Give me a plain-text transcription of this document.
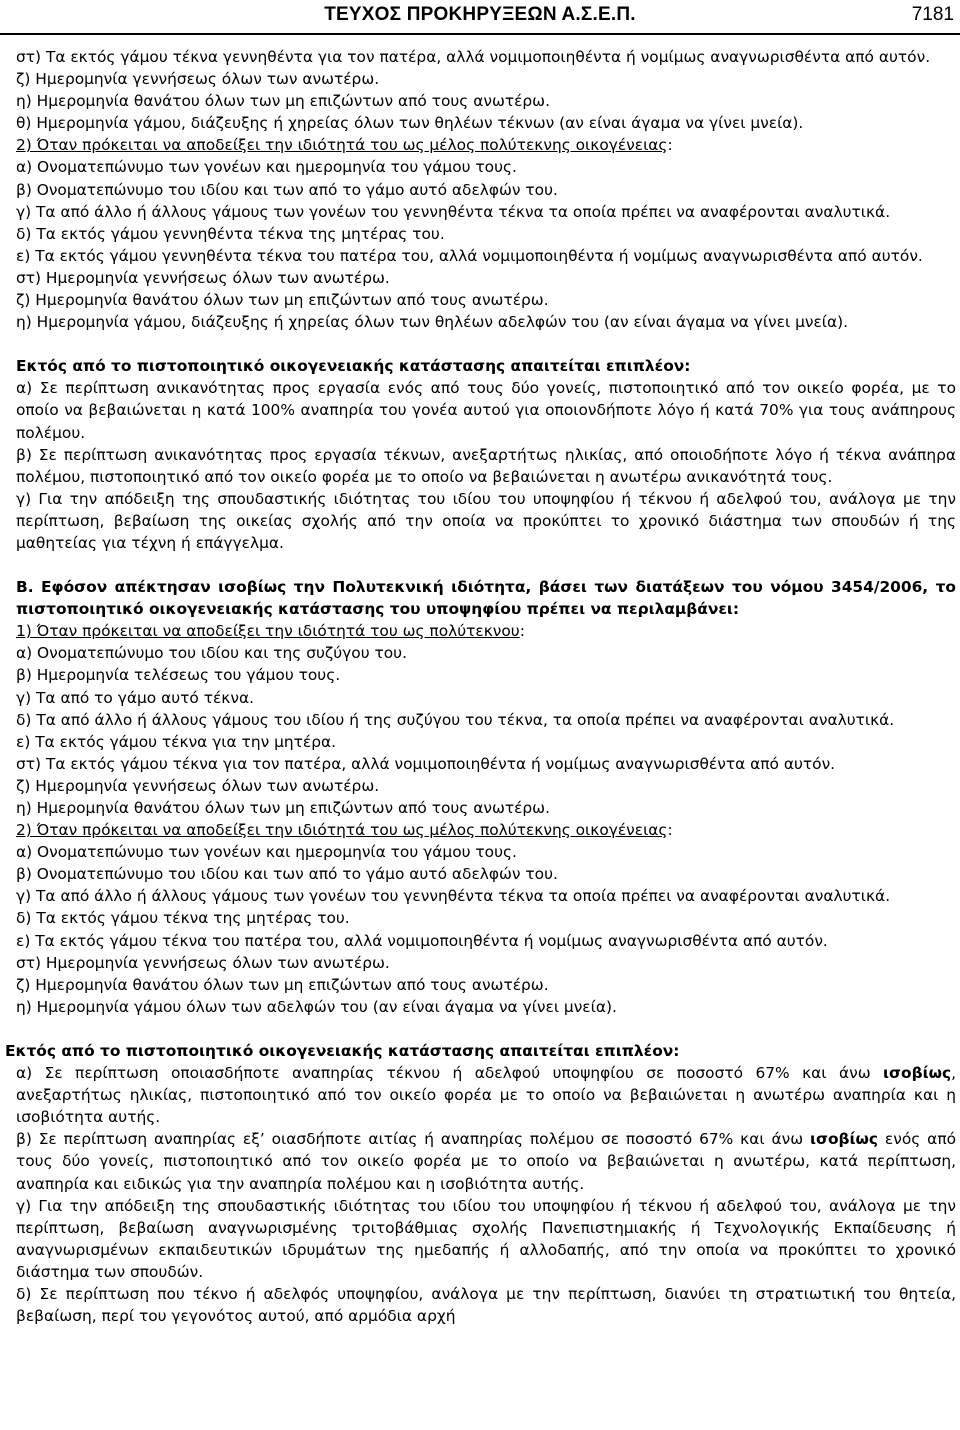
ΤΕΥΧΟΣ ΠΡΟΚΗΡΥΞΕΩΝ Α.Σ.Ε.Π.	7181

στ) Τα εκτός γάμου τέκνα γεννηθέντα για τον πατέρα, αλλά νομιμοποιηθέντα ή νομίμως αναγνωρισθέντα από αυτόν.

ζ) Ημερομηνία γεννήσεως όλων των ανωτέρω.

η) Ημερομηνία θανάτου όλων των μη επιζώντων από τους ανωτέρω.

θ) Ημερομηνία γάμου, διάζευξης ή χηρείας όλων των θηλέων τέκνων (αν είναι άγαμα να γίνει μνεία).

2) Όταν πρόκειται να αποδείξει την ιδιότητά του ως μέλος πολύτεκνης οικογένειας:

α) Ονοματεπώνυμο των γονέων και ημερομηνία του γάμου τους.

β) Ονοματεπώνυμο του ιδίου και των από το γάμο αυτό αδελφών του.

γ) Τα από άλλο ή άλλους γάμους των γονέων του γεννηθέντα τέκνα τα οποία πρέπει να αναφέρονται αναλυτικά.

δ) Τα εκτός γάμου γεννηθέντα τέκνα της μητέρας του.

ε) Τα εκτός γάμου γεννηθέντα τέκνα του πατέρα του, αλλά νομιμοποιηθέντα ή νομίμως αναγνωρισθέντα από αυτόν.

στ) Ημερομηνία γεννήσεως όλων των ανωτέρω.

ζ) Ημερομηνία θανάτου όλων των μη επιζώντων από τους ανωτέρω.

η) Ημερομηνία γάμου, διάζευξης ή χηρείας όλων των θηλέων αδελφών του (αν είναι άγαμα να γίνει μνεία).

Εκτός από το πιστοποιητικό οικογενειακής κατάστασης απαιτείται επιπλέον:

α) Σε περίπτωση ανικανότητας προς εργασία ενός από τους δύο γονείς, πιστοποιητικό από τον οικείο φορέα, με το οποίο να βεβαιώνεται η κατά 100% αναπηρία του γονέα αυτού για οποιονδήποτε λόγο ή κατά 70% για τους ανάπηρους πολέμου.

β) Σε περίπτωση ανικανότητας προς εργασία τέκνων, ανεξαρτήτως ηλικίας, από οποιοδήποτε λόγο ή τέκνα ανάπηρα πολέμου, πιστοποιητικό από τον οικείο φορέα με το οποίο να βεβαιώνεται η ανωτέρω ανικανότητά τους.

γ) Για την απόδειξη της σπουδαστικής ιδιότητας του ιδίου του υποψηφίου ή τέκνου ή αδελφού του, ανάλογα με την περίπτωση, βεβαίωση της οικείας σχολής από την οποία να προκύπτει το χρονικό διάστημα των σπουδών ή της μαθητείας για τέχνη ή επάγγελμα.

Β. Εφόσον απέκτησαν ισοβίως την Πολυτεκνική ιδιότητα, βάσει των διατάξεων του νόμου 3454/2006, το πιστοποιητικό οικογενειακής κατάστασης του υποψηφίου πρέπει να περιλαμβάνει:

1) Όταν πρόκειται να αποδείξει την ιδιότητά του ως πολύτεκνου:

α) Ονοματεπώνυμο του ιδίου και της συζύγου του.

β) Ημερομηνία τελέσεως του γάμου τους.

γ) Τα από το γάμο αυτό τέκνα.

δ) Τα από άλλο ή άλλους γάμους του ιδίου ή της συζύγου του τέκνα, τα οποία πρέπει να αναφέρονται αναλυτικά.

ε) Τα εκτός γάμου τέκνα για την μητέρα.

στ) Τα εκτός γάμου τέκνα για τον πατέρα, αλλά νομιμοποιηθέντα ή νομίμως αναγνωρισθέντα από αυτόν.

ζ) Ημερομηνία γεννήσεως όλων των ανωτέρω.

η) Ημερομηνία θανάτου όλων των μη επιζώντων από τους ανωτέρω.

2) Όταν πρόκειται να αποδείξει την ιδιότητά του ως μέλος πολύτεκνης οικογένειας:

α) Ονοματεπώνυμο των γονέων και ημερομηνία του γάμου τους.

β) Ονοματεπώνυμο του ιδίου και των από το γάμο αυτό αδελφών του.

γ) Τα από άλλο ή άλλους γάμους των γονέων του γεννηθέντα τέκνα τα οποία πρέπει να αναφέρονται αναλυτικά.

δ) Τα εκτός γάμου τέκνα της μητέρας του.

ε) Τα εκτός γάμου τέκνα του πατέρα του, αλλά νομιμοποιηθέντα ή νομίμως αναγνωρισθέντα από αυτόν.

στ) Ημερομηνία γεννήσεως όλων των ανωτέρω.

ζ) Ημερομηνία θανάτου όλων των μη επιζώντων από τους ανωτέρω.

η) Ημερομηνία γάμου όλων των αδελφών του (αν είναι άγαμα να γίνει μνεία).

Εκτός από το πιστοποιητικό οικογενειακής κατάστασης απαιτείται επιπλέον:

α) Σε περίπτωση οποιασδήποτε αναπηρίας τέκνου ή αδελφού υποψηφίου σε ποσοστό 67% και άνω ισοβίως, ανεξαρτήτως ηλικίας, πιστοποιητικό από τον οικείο φορέα με το οποίο να βεβαιώνεται η ανωτέρω αναπηρία και η ισοβιότητα αυτής.

β) Σε περίπτωση αναπηρίας εξ’ οιασδήποτε αιτίας ή αναπηρίας πολέμου σε ποσοστό 67% και άνω ισοβίως ενός από τους δύο γονείς, πιστοποιητικό από τον οικείο φορέα με το οποίο να βεβαιώνεται η ανωτέρω, κατά περίπτωση, αναπηρία και ειδικώς για την αναπηρία πολέμου και η ισοβιότητα αυτής.

γ) Για την απόδειξη της σπουδαστικής ιδιότητας του ιδίου του υποψηφίου ή τέκνου ή αδελφού του, ανάλογα με την περίπτωση, βεβαίωση αναγνωρισμένης τριτοβάθμιας σχολής Πανεπιστημιακής ή Τεχνολογικής Εκπαίδευσης ή αναγνωρισμένων εκπαιδευτικών ιδρυμάτων της ημεδαπής ή αλλοδαπής, από την οποία να προκύπτει το χρονικό διάστημα των σπουδών.

δ) Σε περίπτωση που τέκνο ή αδελφός υποψηφίου, ανάλογα με την περίπτωση, διανύει τη στρατιωτική του θητεία, βεβαίωση, περί του γεγονότος αυτού, από αρμόδια αρχή
